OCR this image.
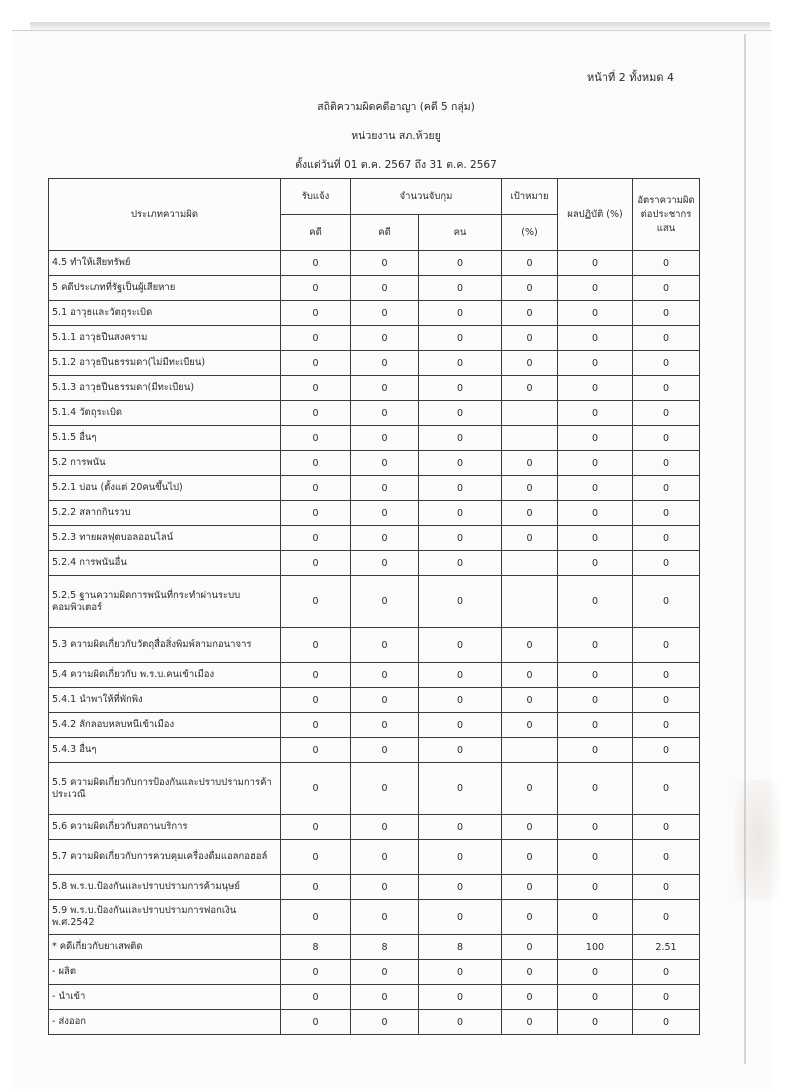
หน้าที่ 2 ทั้งหมด 4
สถิติความผิดคดีอาญา (คดี 5 กลุ่ม)
หน่วยงาน สภ.ห้วยยู
ตั้งแต่วันที่ 01 ต.ค. 2567 ถึง 31 ต.ค. 2567
ประเภทความผิด	รับแจ้ง	จำนวนจับกุม		เป้าหมาย	ผลปฏิบัติ (%)	อัตราความผิดต่อประชากรแสน
	คดี	คดี	คน	(%)		
4.5 ทำให้เสียทรัพย์	0	0	0	0	0	0
5 คดีประเภทที่รัฐเป็นผู้เสียหาย	0	0	0	0	0	0
5.1 อาวุธและวัตถุระเบิด	0	0	0	0	0	0
5.1.1 อาวุธปืนสงคราม	0	0	0	0	0	0
5.1.2 อาวุธปืนธรรมดา(ไม่มีทะเบียน)	0	0	0	0	0	0
5.1.3 อาวุธปืนธรรมดา(มีทะเบียน)	0	0	0	0	0	0
5.1.4 วัตถุระเบิด	0	0	0		0	0
5.1.5 อื่นๆ	0	0	0		0	0
5.2 การพนัน	0	0	0	0	0	0
5.2.1 บ่อน (ตั้งแต่ 20คนขึ้นไป)	0	0	0	0	0	0
5.2.2 สลากกินรวบ	0	0	0	0	0	0
5.2.3 ทายผลฟุตบอลออนไลน์	0	0	0	0	0	0
5.2.4 การพนันอื่น	0	0	0		0	0
5.2.5 ฐานความผิดการพนันที่กระทำผ่านระบบคอมพิวเตอร์	0	0	0		0	0
5.3 ความผิดเกี่ยวกับวัตถุสื่อสิ่งพิมพ์ลามกอนาจาร	0	0	0	0	0	0
5.4 ความผิดเกี่ยวกับ พ.ร.บ.คนเข้าเมือง	0	0	0	0	0	0
5.4.1 นำพาให้ที่พักพิง	0	0	0	0	0	0
5.4.2 ลักลอบหลบหนีเข้าเมือง	0	0	0	0	0	0
5.4.3 อื่นๆ	0	0	0		0	0
5.5 ความผิดเกี่ยวกับการป้องกันและปราบปรามการค้าประเวณี	0	0	0	0	0	0
5.6 ความผิดเกี่ยวกับสถานบริการ	0	0	0	0	0	0
5.7 ความผิดเกี่ยวกับการควบคุมเครื่องดื่มแอลกอฮอล์	0	0	0	0	0	0
5.8 พ.ร.บ.ป้องกันและปราบปรามการค้ามนุษย์	0	0	0	0	0	0
5.9 พ.ร.บ.ป้องกันและปราบปรามการฟอกเงิน พ.ศ.2542	0	0	0	0	0	0
* คดีเกี่ยวกับยาเสพติด	8	8	8	0	100	2.51
- ผลิต	0	0	0	0	0	0
- นำเข้า	0	0	0	0	0	0
- ส่งออก	0	0	0	0	0	0
